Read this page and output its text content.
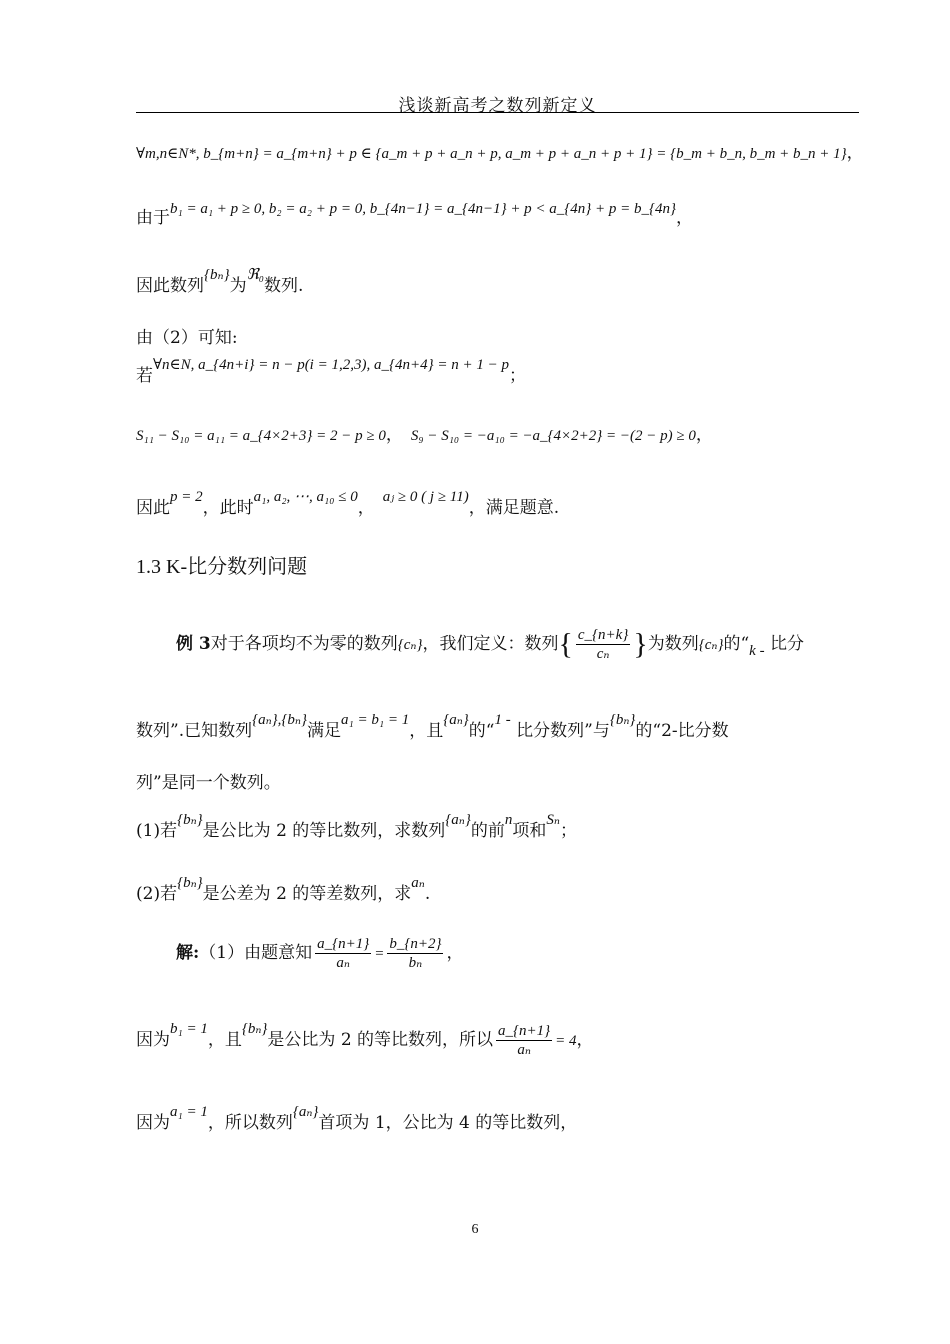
浅谈新高考之数列新定义
∀m,n∈N*, b_{m+n} = a_{m+n} + p ∈ {a_m + p + a_n + p, a_m + p + a_n + p + 1} = {b_m + b_n, b_m + b_n + 1}，
由于b₁ = a₁ + p ≥ 0, b₂ = a₂ + p = 0, b_{4n−1} = a_{4n−1} + p < a_{4n} + p = b_{4n}，
因此数列{bₙ}为ℜ₀数列.
由（2）可知:
若∀n∈N, a_{4n+i} = n − p(i = 1,2,3), a_{4n+4} = n + 1 − p；
S₁₁ − S₁₀ = a₁₁ = a_{4×2+3} = 2 − p ≥ 0， S₉ − S₁₀ = −a₁₀ = −a_{4×2+2} = −(2 − p) ≥ 0，
因此p = 2，此时a₁, a₂, ⋯, a₁₀ ≤ 0，aⱼ ≥ 0 ( j ≥ 11)，满足题意.
1.3 K-比分数列问题
例 3对于各项均不为零的数列{cₙ}，我们定义：数列{ $\frac{c\_\{n+k\}}{\text{cₙ}}$ }为数列{cₙ}的“k - 比分
数列”.已知数列{aₙ},{bₙ}满足a₁ = b₁ = 1，且{aₙ}的“1 - 比分数列”与{bₙ}的“2-比分数
列”是同一个数列。
(1)若{bₙ}是公比为 2 的等比数列，求数列{aₙ}的前n项和Sₙ；
(2)若{bₙ}是公差为 2 的等差数列，求aₙ.
解:（1）由题意知 $\frac{a\_\{n+1\}}{\text{aₙ}} = \frac{b\_\{n+2\}}{\text{bₙ}}$ ，
因为b₁ = 1，且{bₙ}是公比为 2 的等比数列，所以 $\frac{a\_\{n+1\}}{\text{aₙ}} = 4$，
因为a₁ = 1，所以数列{aₙ}首项为 1，公比为 4 的等比数列，
6
